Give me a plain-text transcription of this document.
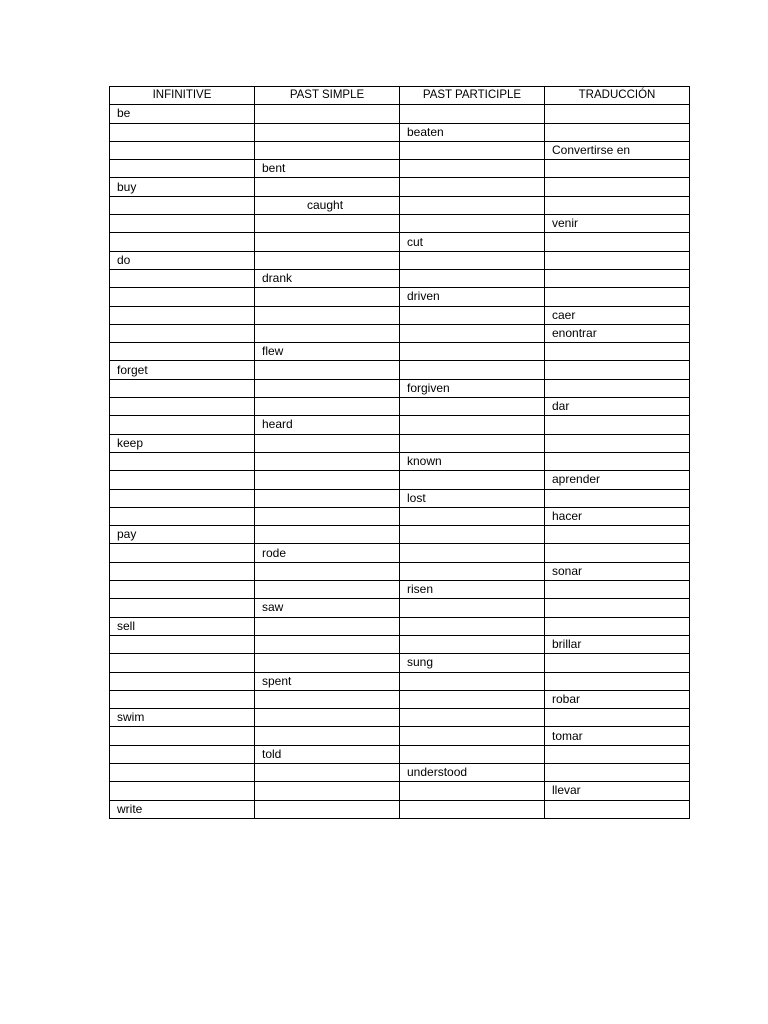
INFINITIVE	PAST SIMPLE	PAST PARTICIPLE	TRADUCCIÓN
be			
		beaten	
			Convertirse en
	bent		
buy			
	caught		
			venir
		cut	
do			
	drank		
		driven	
			caer
			enontrar
	flew		
forget			
		forgiven	
			dar
	heard		
keep			
		known	
			aprender
		lost	
			hacer
pay			
	rode		
			sonar
		risen	
	saw		
sell			
			brillar
		sung	
	spent		
			robar
swim			
			tomar
	told		
		understood	
			llevar
write			
